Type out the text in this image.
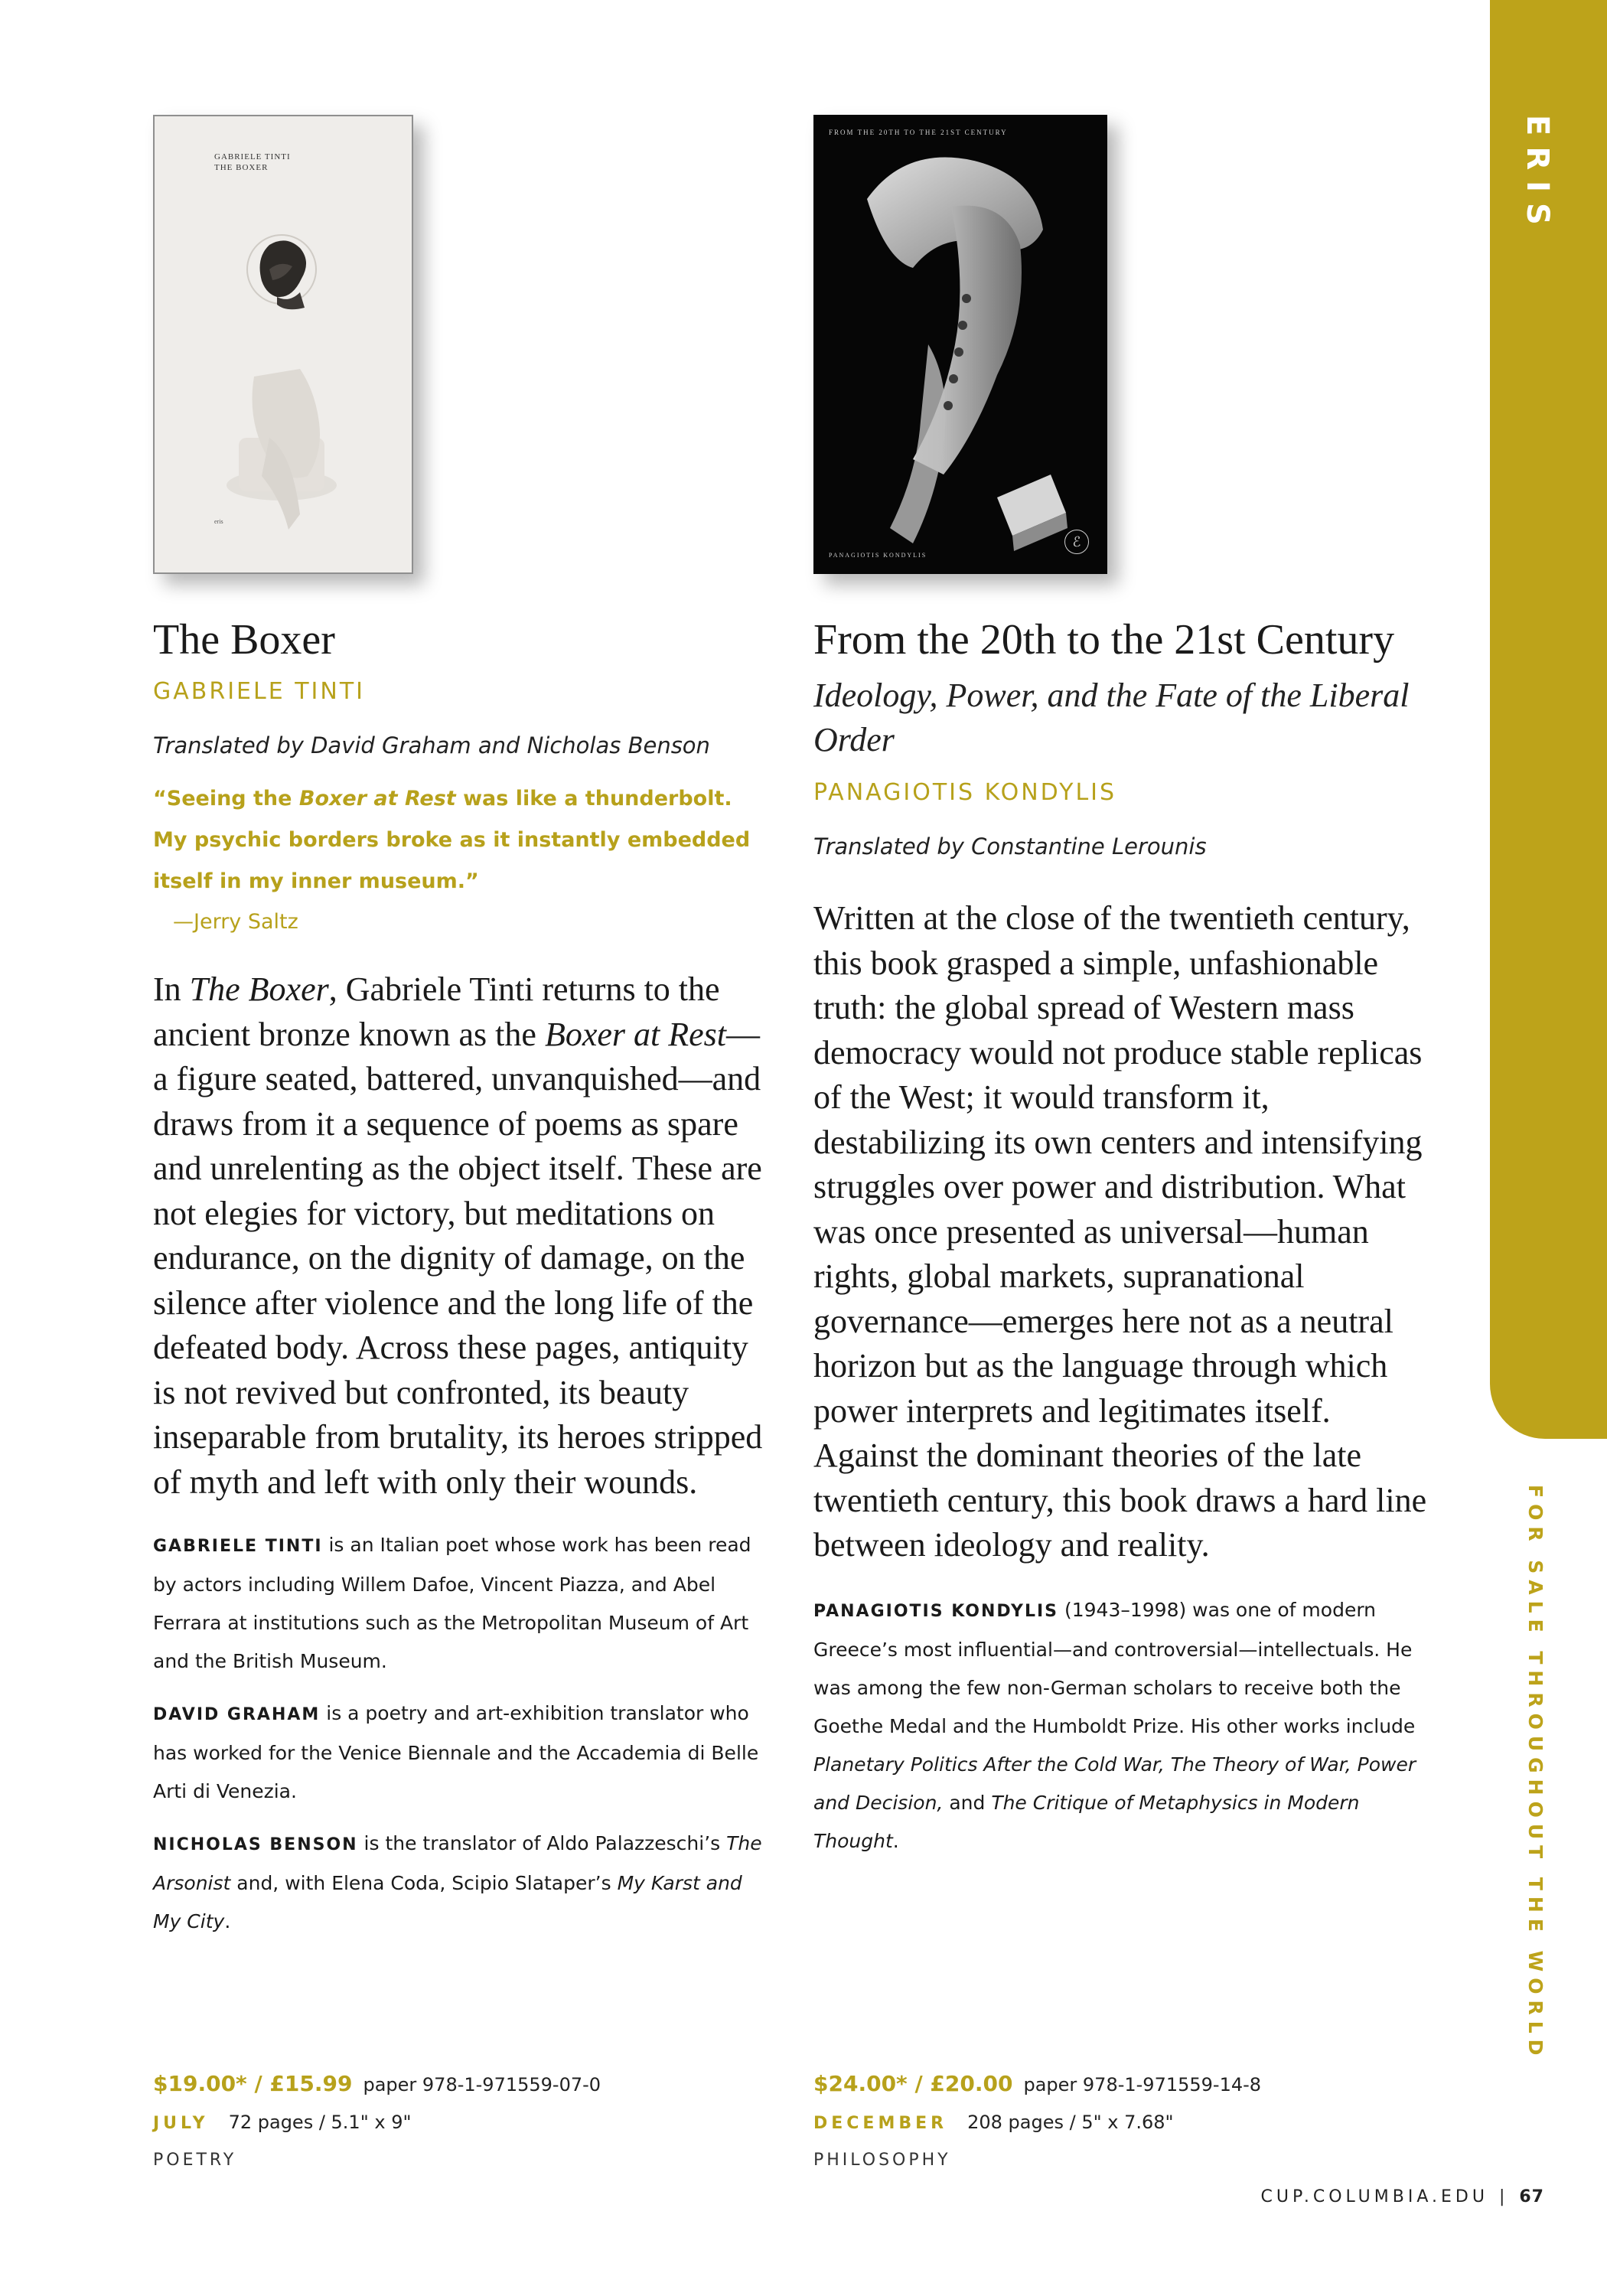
ERIS
FOR SALE THROUGHOUT THE WORLD
GABRIELE TINTI
THE BOXER
eris
The Boxer
GABRIELE TINTI
Translated by David Graham and Nicholas Benson
“Seeing the Boxer at Rest was like a thunderbolt. My psychic borders broke as it instantly embedded itself in my inner museum.”
—Jerry Saltz
In The Boxer, Gabriele Tinti returns to the ancient bronze known as the Boxer at Rest—a figure seated, battered, unvanquished—and draws from it a sequence of poems as spare and unrelenting as the object itself. These are not elegies for victory, but meditations on endurance, on the dignity of damage, on the silence after violence and the long life of the defeated body. Across these pages, antiquity is not revived but confronted, its beauty inseparable from brutality, its heroes stripped of myth and left with only their wounds.
GABRIELE TINTI is an Italian poet whose work has been read by actors including Willem Dafoe, Vincent Piazza, and Abel Ferrara at institutions such as the Metropolitan Museum of Art and the British Museum.
DAVID GRAHAM is a poetry and art-exhibition translator who has worked for the Venice Biennale and the Accademia di Belle Arti di Venezia.
NICHOLAS BENSON is the translator of Aldo Palazzeschi’s The Arsonist and, with Elena Coda, Scipio Slataper’s My Karst and My City.
FROM THE 20TH TO THE 21ST CENTURY
ℰ
PANAGIOTIS KONDYLIS
From the 20th to the 21st Century
Ideology, Power, and the Fate of the Liberal Order
PANAGIOTIS KONDYLIS
Translated by Constantine Lerounis
Written at the close of the twentieth century, this book grasped a simple, unfashionable truth: the global spread of Western mass democracy would not produce stable replicas of the West; it would transform it, destabilizing its own centers and intensifying struggles over power and distribution. What was once presented as universal—human rights, global markets, supranational governance—emerges here not as a neutral horizon but as the language through which power interprets and legitimates itself. Against the dominant theories of the late twentieth century, this book draws a hard line between ideology and reality.
PANAGIOTIS KONDYLIS (1943–1998) was one of modern Greece’s most influential—and controversial—intellectuals. He was among the few non-German scholars to receive both the Goethe Medal and the Humboldt Prize. His other works include Planetary Politics After the Cold War, The Theory of War, Power and Decision, and The Critique of Metaphysics in Modern Thought.
$19.00* / £15.99 paper 978-1-971559-07-0
JULY 72 pages / 5.1" x 9"
POETRY
$24.00* / £20.00 paper 978-1-971559-14-8
DECEMBER 208 pages / 5" x 7.68"
PHILOSOPHY
CUP.COLUMBIA.EDU | 67
